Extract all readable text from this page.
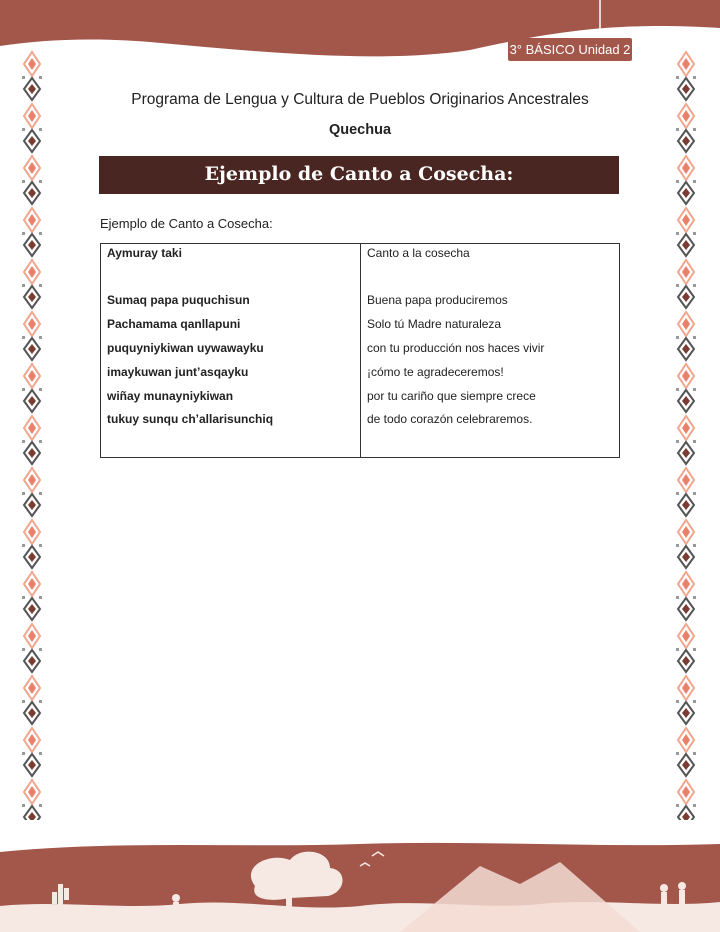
3° BÁSICO Unidad 2
Programa de Lengua y Cultura de Pueblos Originarios Ancestrales
Quechua
Ejemplo de Canto a Cosecha:
Ejemplo de Canto a Cosecha:
Aymuray taki
Sumaq papa puquchisun
Pachamama qanllapuni
puquyniykiwan uywawayku
imaykuwan junt’asqayku
wiñay munayniykiwan
tukuy sunqu ch’allarisunchiq
Canto a la cosecha
Buena papa produciremos
Solo tú Madre naturaleza
con tu producción nos haces vivir
¡cómo te agradeceremos!
por tu cariño que siempre crece
de todo corazón celebraremos.
